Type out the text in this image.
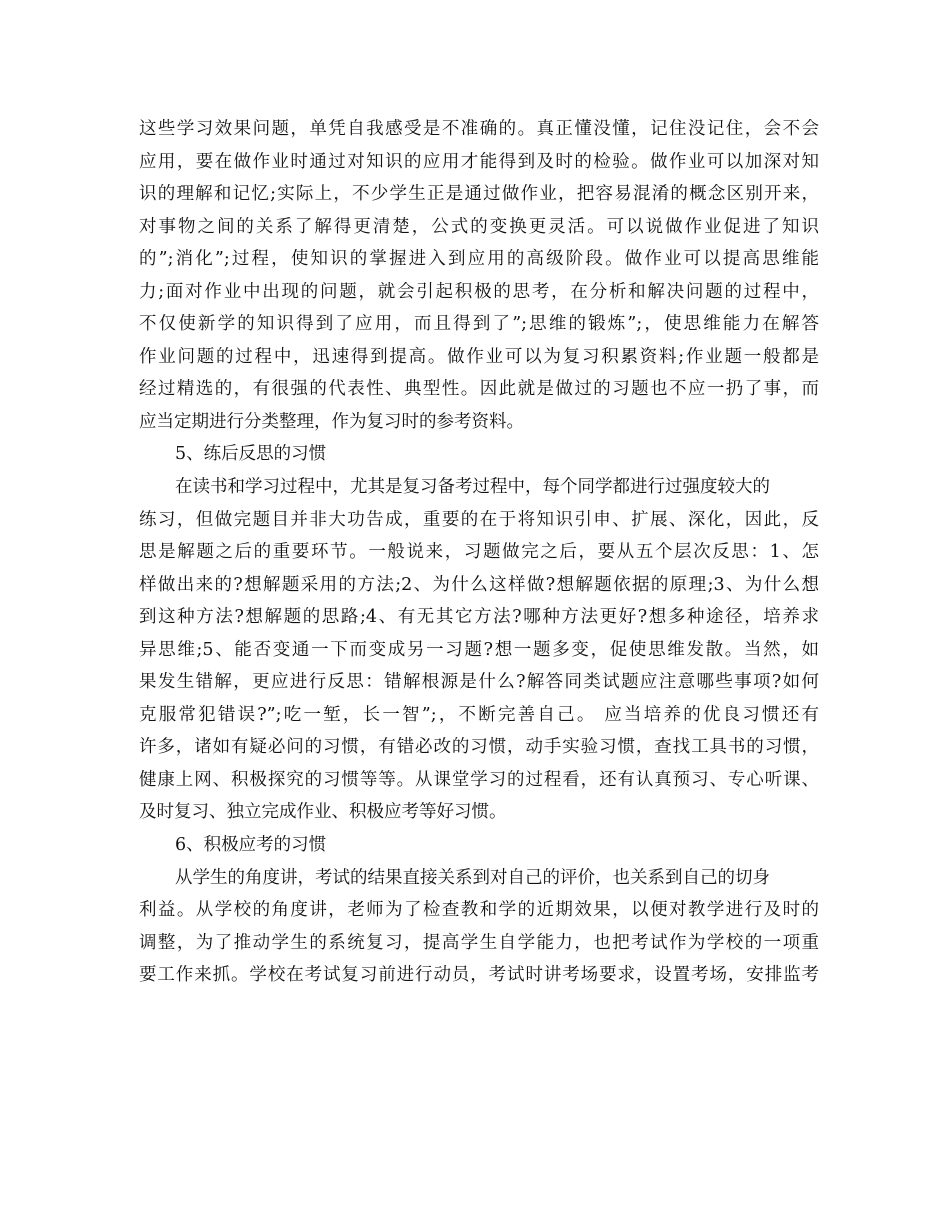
这些学习效果问题，单凭自我感受是不准确的。真正懂没懂，记住没记住，会不会
应用，要在做作业时通过对知识的应用才能得到及时的检验。做作业可以加深对知
识的理解和记忆;实际上，不少学生正是通过做作业，把容易混淆的概念区别开来，
对事物之间的关系了解得更清楚，公式的变换更灵活。可以说做作业促进了知识
的”;消化”;过程，使知识的掌握进入到应用的高级阶段。做作业可以提高思维能
力;面对作业中出现的问题，就会引起积极的思考，在分析和解决问题的过程中，
不仅使新学的知识得到了应用，而且得到了”;思维的锻炼”;，使思维能力在解答
作业问题的过程中，迅速得到提高。做作业可以为复习积累资料;作业题一般都是
经过精选的，有很强的代表性、典型性。因此就是做过的习题也不应一扔了事，而
应当定期进行分类整理，作为复习时的参考资料。
5、练后反思的习惯
在读书和学习过程中，尤其是复习备考过程中，每个同学都进行过强度较大的
练习，但做完题目并非大功告成，重要的在于将知识引申、扩展、深化，因此，反
思是解题之后的重要环节。一般说来，习题做完之后，要从五个层次反思：1、怎
样做出来的?想解题采用的方法;2、为什么这样做?想解题依据的原理;3、为什么想
到这种方法?想解题的思路;4、有无其它方法?哪种方法更好?想多种途径，培养求
异思维;5、能否变通一下而变成另一习题?想一题多变，促使思维发散。当然，如
果发生错解，更应进行反思：错解根源是什么?解答同类试题应注意哪些事项?如何
克服常犯错误?”;吃一堑，长一智”;，不断完善自己。 应当培养的优良习惯还有
许多，诸如有疑必问的习惯，有错必改的习惯，动手实验习惯，查找工具书的习惯，
健康上网、积极探究的习惯等等。从课堂学习的过程看，还有认真预习、专心听课、
及时复习、独立完成作业、积极应考等好习惯。
6、积极应考的习惯
从学生的角度讲，考试的结果直接关系到对自己的评价，也关系到自己的切身
利益。从学校的角度讲，老师为了检查教和学的近期效果，以便对教学进行及时的
调整，为了推动学生的系统复习，提高学生自学能力，也把考试作为学校的一项重
要工作来抓。学校在考试复习前进行动员，考试时讲考场要求，设置考场，安排监考
